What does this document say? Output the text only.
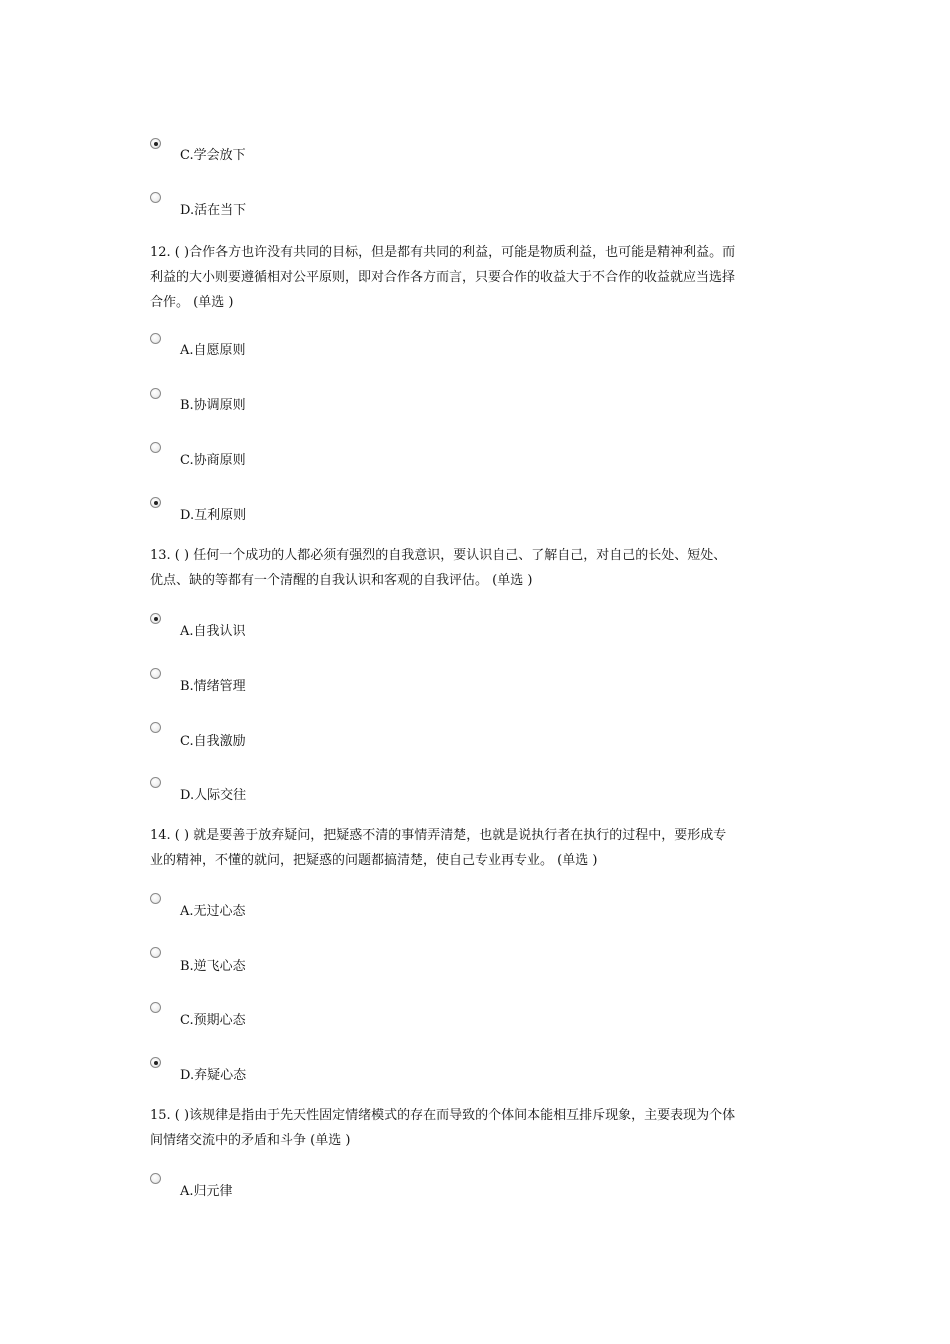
C.学会放下
D.活在当下
12. ( )合作各方也许没有共同的目标，但是都有共同的利益，可能是物质利益，也可能是精神利益。而
利益的大小则要遵循相对公平原则，即对合作各方而言，只要合作的收益大于不合作的收益就应当选择
合作。 (单选 )
A.自愿原则
B.协调原则
C.协商原则
D.互利原则
13. ( ) 任何一个成功的人都必须有强烈的自我意识，要认识自己、了解自己，对自己的长处、短处、
优点、缺的等都有一个清醒的自我认识和客观的自我评估。 (单选 )
A.自我认识
B.情绪管理
C.自我激励
D.人际交往
14. ( ) 就是要善于放弃疑问，把疑惑不清的事情弄清楚，也就是说执行者在执行的过程中，要形成专
业的精神，不懂的就问，把疑惑的问题都搞清楚，使自己专业再专业。 (单选 )
A.无过心态
B.逆飞心态
C.预期心态
D.弃疑心态
15. ( )该规律是指由于先天性固定情绪模式的存在而导致的个体间本能相互排斥现象，主要表现为个体
间情绪交流中的矛盾和斗争 (单选 )
A.归元律
